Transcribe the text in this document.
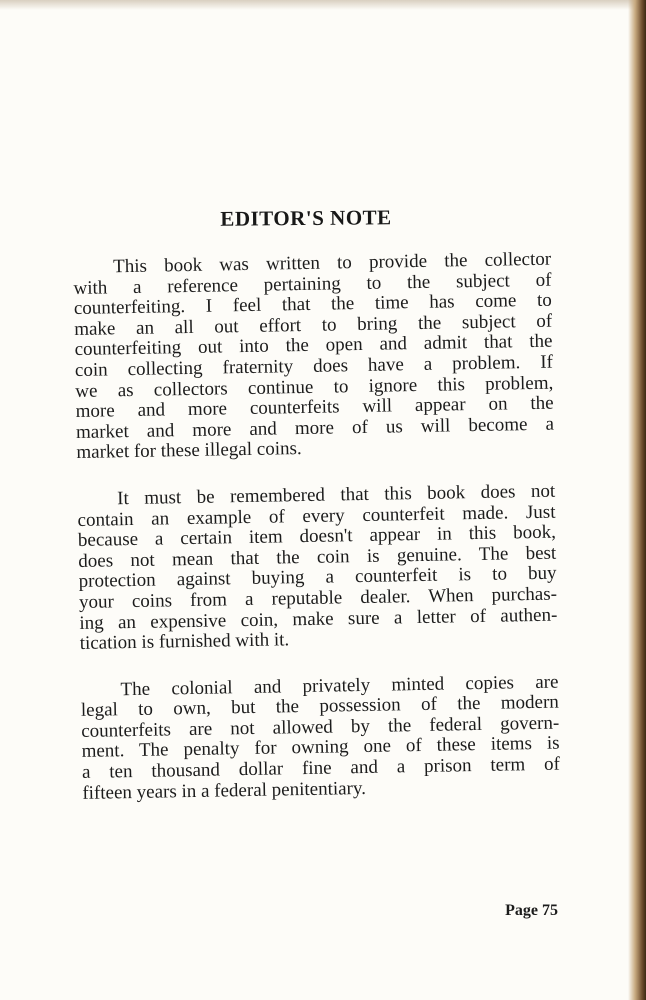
EDITOR'S NOTE
This book was written to provide the collector
with a reference pertaining to the subject of
counterfeiting. I feel that the time has come to
make an all out effort to bring the subject of
counterfeiting out into the open and admit that the
coin collecting fraternity does have a problem. If
we as collectors continue to ignore this problem,
more and more counterfeits will appear on the
market and more and more of us will become a
market for these illegal coins.
It must be remembered that this book does not
contain an example of every counterfeit made. Just
because a certain item doesn't appear in this book,
does not mean that the coin is genuine. The best
protection against buying a counterfeit is to buy
your coins from a reputable dealer. When purchas-
ing an expensive coin, make sure a letter of authen-
tication is furnished with it.
The colonial and privately minted copies are
legal to own, but the possession of the modern
counterfeits are not allowed by the federal govern-
ment. The penalty for owning one of these items is
a ten thousand dollar fine and a prison term of
fifteen years in a federal penitentiary.
Page 75
